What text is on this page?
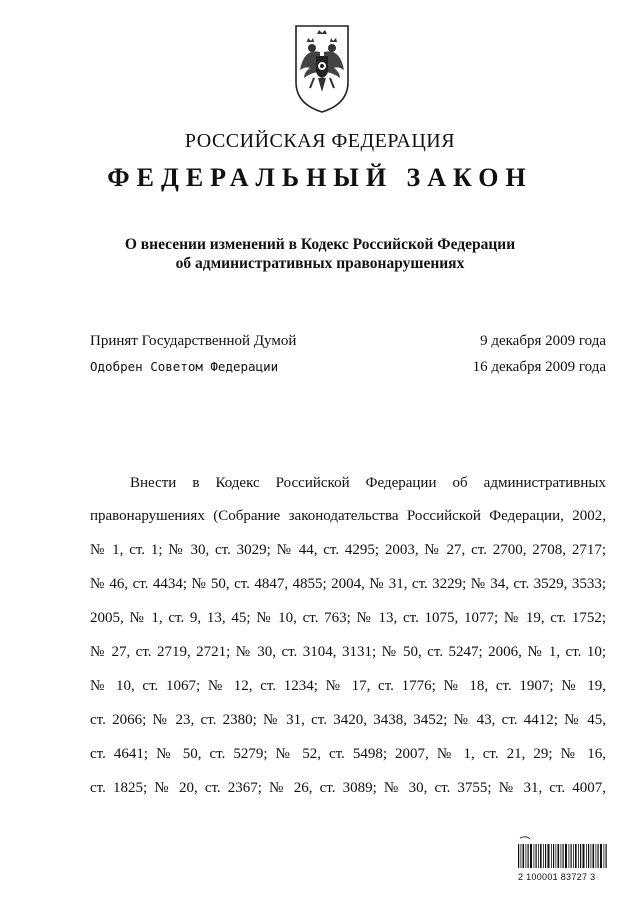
РОССИЙСКАЯ ФЕДЕРАЦИЯ
ФЕДЕРАЛЬНЫЙ ЗАКОН
О внесении изменений в Кодекс Российской Федерации
об административных правонарушениях
Принят Государственной Думой	9 декабря 2009 года
Одобрен Советом Федерации	16 декабря 2009 года
Внести в Кодекс Российской Федерации об административных
правонарушениях (Собрание законодательства Российской Федерации, 2002,
№ 1, ст. 1; № 30, ст. 3029; № 44, ст. 4295; 2003, № 27, ст. 2700, 2708, 2717;
№ 46, ст. 4434; № 50, ст. 4847, 4855; 2004, № 31, ст. 3229; № 34, ст. 3529, 3533;
2005, № 1, ст. 9, 13, 45; № 10, ст. 763; № 13, ст. 1075, 1077; № 19, ст. 1752;
№ 27, ст. 2719, 2721; № 30, ст. 3104, 3131; № 50, ст. 5247; 2006, № 1, ст. 10;
№ 10, ст. 1067; № 12, ст. 1234; № 17, ст. 1776; № 18, ст. 1907; № 19,
ст. 2066; № 23, ст. 2380; № 31, ст. 3420, 3438, 3452; № 43, ст. 4412; № 45,
ст. 4641; № 50, ст. 5279; № 52, ст. 5498; 2007, № 1, ст. 21, 29; № 16,
ст. 1825; № 20, ст. 2367; № 26, ст. 3089; № 30, ст. 3755; № 31, ст. 4007,
2 100001 83727 3
